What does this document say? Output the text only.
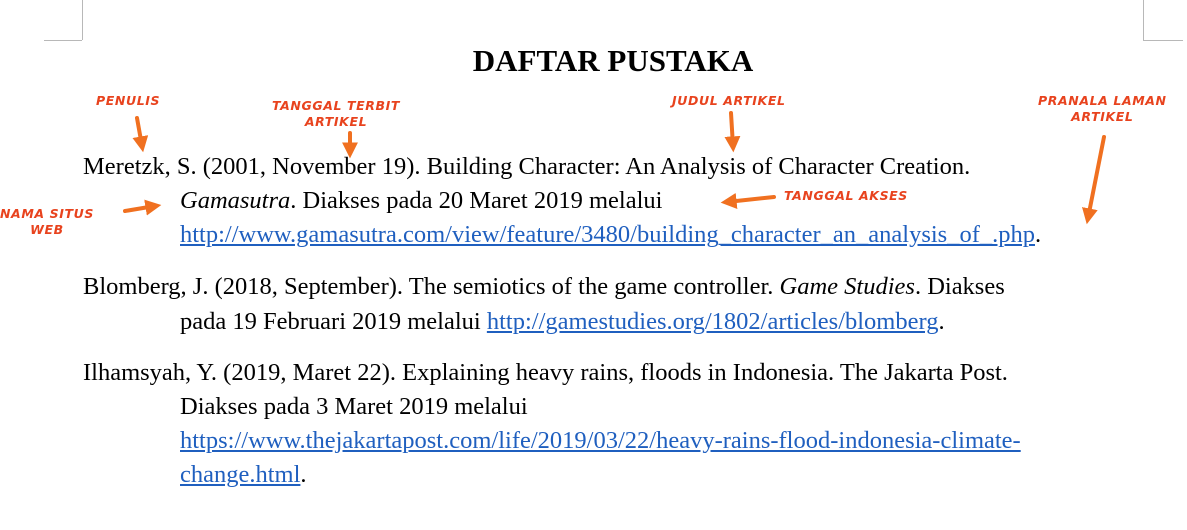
DAFTAR PUSTAKA
Meretzk, S. (2001, November 19). Building Character: An Analysis of Character Creation.
Gamasutra. Diakses pada 20 Maret 2019 melalui
http://www.gamasutra.com/view/feature/3480/building_character_an_analysis_of_.php.
Blomberg, J. (2018, September). The semiotics of the game controller. Game Studies. Diakses
pada 19 Februari 2019 melalui http://gamestudies.org/1802/articles/blomberg.
Ilhamsyah, Y. (2019, Maret 22). Explaining heavy rains, floods in Indonesia. The Jakarta Post.
Diakses pada 3 Maret 2019 melalui
https://www.thejakartapost.com/life/2019/03/22/heavy-rains-flood-indonesia-climate-
change.html.
PENULIS	TANGGAL TERBIT
ARTIKEL
JUDUL ARTIKEL	PRANALA LAMAN
ARTIKEL
NAMA SITUS
WEB
TANGGAL AKSES
